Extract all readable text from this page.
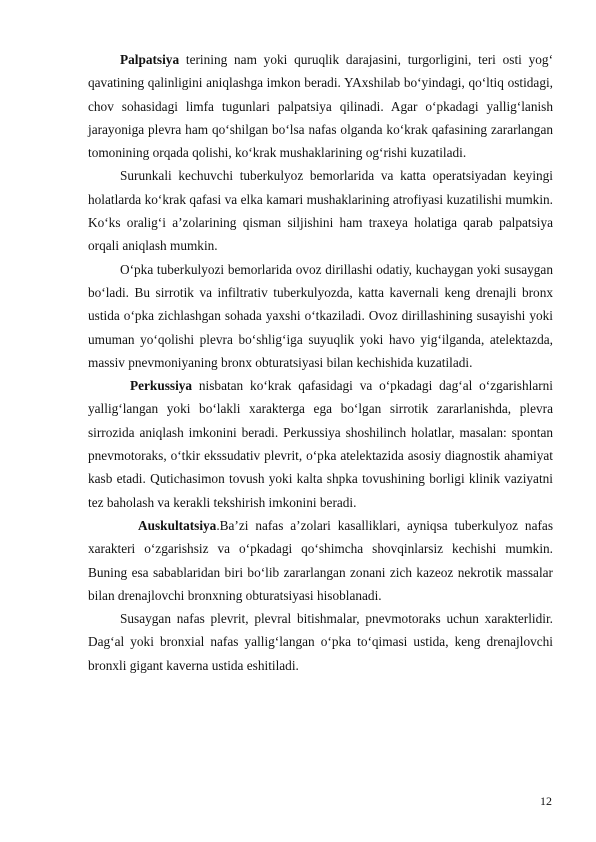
Palpatsiya terining nam yoki quruqlik darajasini, turgorligini, teri osti yog‘ qavatining qalinligini aniqlashga imkon beradi. YAxshilab bo‘yindagi, qo‘ltiq ostidagi, chov sohasidagi limfa tugunlari palpatsiya qilinadi. Agar o‘pkadagi yallig‘lanish jarayoniga plevra ham qo‘shilgan bo‘lsa nafas olganda ko‘krak qafasining zararlangan tomonining orqada qolishi, ko‘krak mushaklarining og‘rishi kuzatiladi.

Surunkali kechuvchi tuberkulyoz bemorlarida va katta operatsiyadan keyingi holatlarda ko‘krak qafasi va elka kamari mushaklarining atrofiyasi kuzatilishi mumkin. Ko‘ks oralig‘i a’zolarining qisman siljishini ham traxeya holatiga qarab palpatsiya orqali aniqlash mumkin.

O‘pka tuberkulyozi bemorlarida ovoz dirillashi odatiy, kuchaygan yoki susaygan bo‘ladi. Bu sirrotik va infiltrativ tuberkulyozda, katta kavernali keng drenajli bronx ustida o‘pka zichlashgan sohada yaxshi o‘tkaziladi. Ovoz dirillashining susayishi yoki umuman yo‘qolishi plevra bo‘shlig‘iga suyuqlik yoki havo yig‘ilganda, atelektazda, massiv pnevmoniyaning bronx obturatsiyasi bilan kechishida kuzatiladi.

Perkussiya nisbatan ko‘krak qafasidagi va o‘pkadagi dag‘al o‘zgarishlarni yallig‘langan yoki bo‘lakli xarakterga ega bo‘lgan sirrotik zararlanishda, plevra sirrozida aniqlash imkonini beradi. Perkussiya shoshilinch holatlar, masalan: spontan pnevmotoraks, o‘tkir ekssudativ plevrit, o‘pka atelektazida asosiy diagnostik ahamiyat kasb etadi. Qutichasimon tovush yoki kalta shpka tovushining borligi klinik vaziyatni tez baholash va kerakli tekshirish imkonini beradi.

Auskultatsiya.Ba’zi nafas a’zolari kasalliklari, ayniqsa tuberkulyoz nafas xarakteri o‘zgarishsiz va o‘pkadagi qo‘shimcha shovqinlarsiz kechishi mumkin. Buning esa sabablaridan biri bo‘lib zararlangan zonani zich kazeoz nekrotik massalar bilan drenajlovchi bronxning obturatsiyasi hisoblanadi.

Susaygan nafas plevrit, plevral bitishmalar, pnevmotoraks uchun xarakterlidir. Dag‘al yoki bronxial nafas yallig‘langan o‘pka to‘qimasi ustida, keng drenajlovchi bronxli gigant kaverna ustida eshitiladi.

12
